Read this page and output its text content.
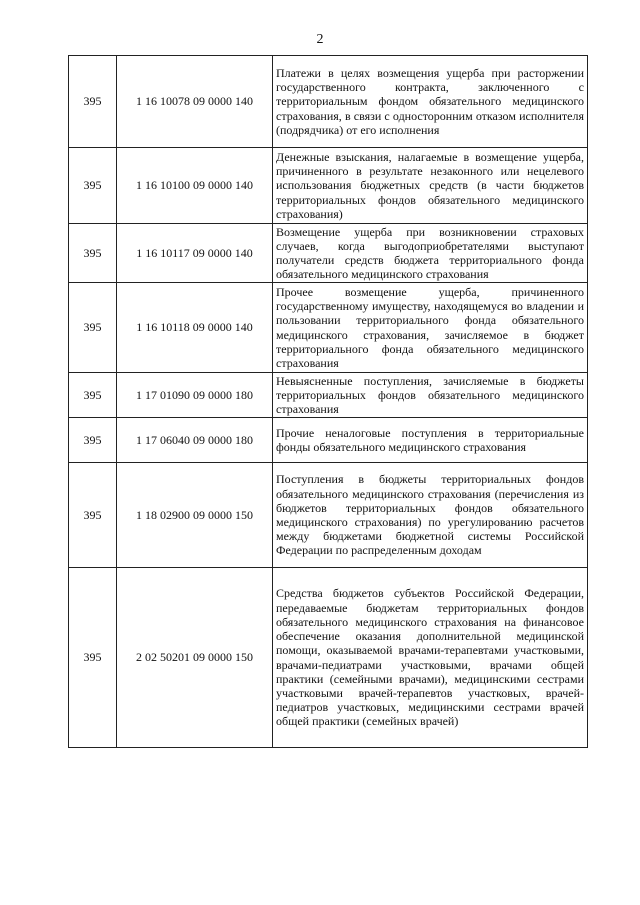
2
395	1 16 10078 09 0000 140	Платежи в целях возмещения ущерба при расторжении государственного контракта, заключенного с территориальным фондом обязательного медицинского страхования, в связи с односторонним отказом исполнителя (подрядчика) от его исполнения
395	1 16 10100 09 0000 140	Денежные взыскания, налагаемые в возмещение ущерба, причиненного в результате незаконного или нецелевого использования бюджетных средств (в части бюджетов территориальных фондов обязательного медицинского страхования)
395	1 16 10117 09 0000 140	Возмещение ущерба при возникновении страховых случаев, когда выгодоприобретателями выступают получатели средств бюджета территориального фонда обязательного медицинского страхования
395	1 16 10118 09 0000 140	Прочее возмещение ущерба, причиненного государственному имуществу, находящемуся во владении и пользовании территориального фонда обязательного медицинского страхования, зачисляемое в бюджет территориального фонда обязательного медицинского страхования
395	1 17 01090 09 0000 180	Невыясненные поступления, зачисляемые в бюджеты территориальных фондов обязательного медицинского страхования
395	1 17 06040 09 0000 180	Прочие неналоговые поступления в территориальные фонды обязательного медицинского страхования
395	1 18 02900 09 0000 150	Поступления в бюджеты территориальных фондов обязательного медицинского страхования (перечисления из бюджетов территориальных фондов обязательного медицинского страхования) по урегулированию расчетов между бюджетами бюджетной системы Российской Федерации по распределенным доходам
395	2 02 50201 09 0000 150	Средства бюджетов субъектов Российской Федерации, передаваемые бюджетам территориальных фондов обязательного медицинского страхования на финансовое обеспечение оказания дополнительной медицинской помощи, оказываемой врачами-терапевтами участковыми, врачами-педиатрами участковыми, врачами общей практики (семейными врачами), медицинскими сестрами участковыми врачей-терапевтов участковых, врачей-педиатров участковых, медицинскими сестрами врачей общей практики (семейных врачей)
